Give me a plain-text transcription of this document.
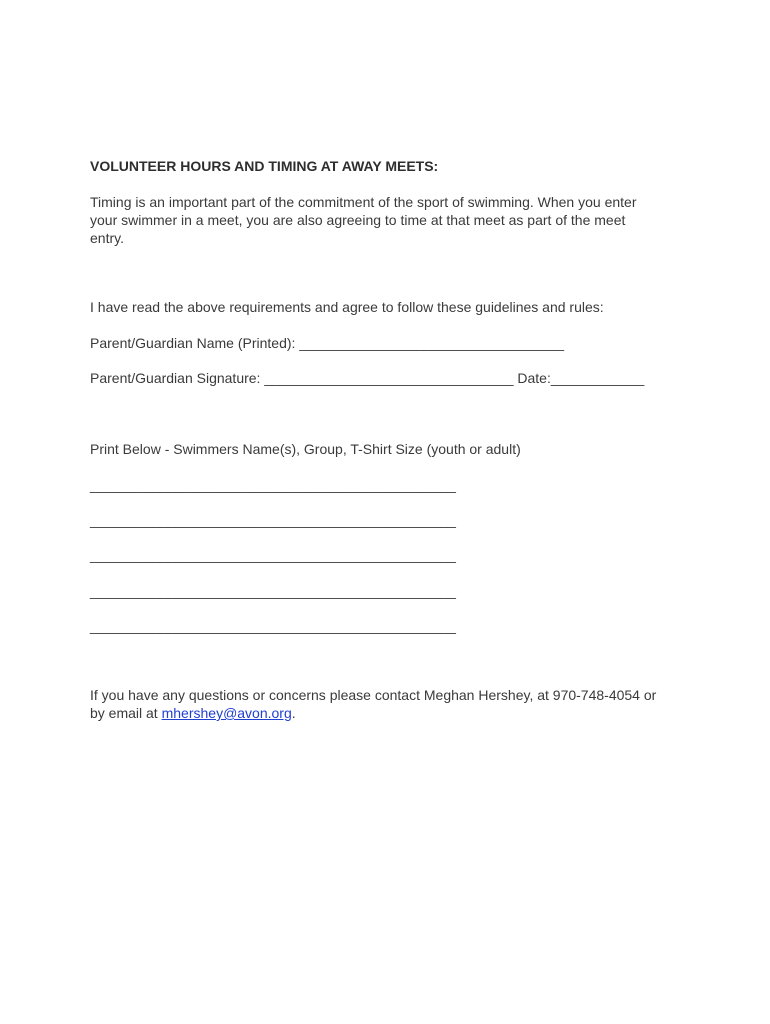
VOLUNTEER HOURS AND TIMING AT AWAY MEETS:

Timing is an important part of the commitment of the sport of swimming. When you enter

your swimmer in a meet, you are also agreeing to time at that meet as part of the meet

entry.

I have read the above requirements and agree to follow these guidelines and rules:

Parent/Guardian Name (Printed): __________________________________

Parent/Guardian Signature: ________________________________ Date:____________

Print Below - Swimmers Name(s), Group, T-Shirt Size (youth or adult)

_______________________________________________

_______________________________________________

_______________________________________________

_______________________________________________

_______________________________________________

If you have any questions or concerns please contact Meghan Hershey, at 970-748-4054 or

by email at mhershey@avon.org.
